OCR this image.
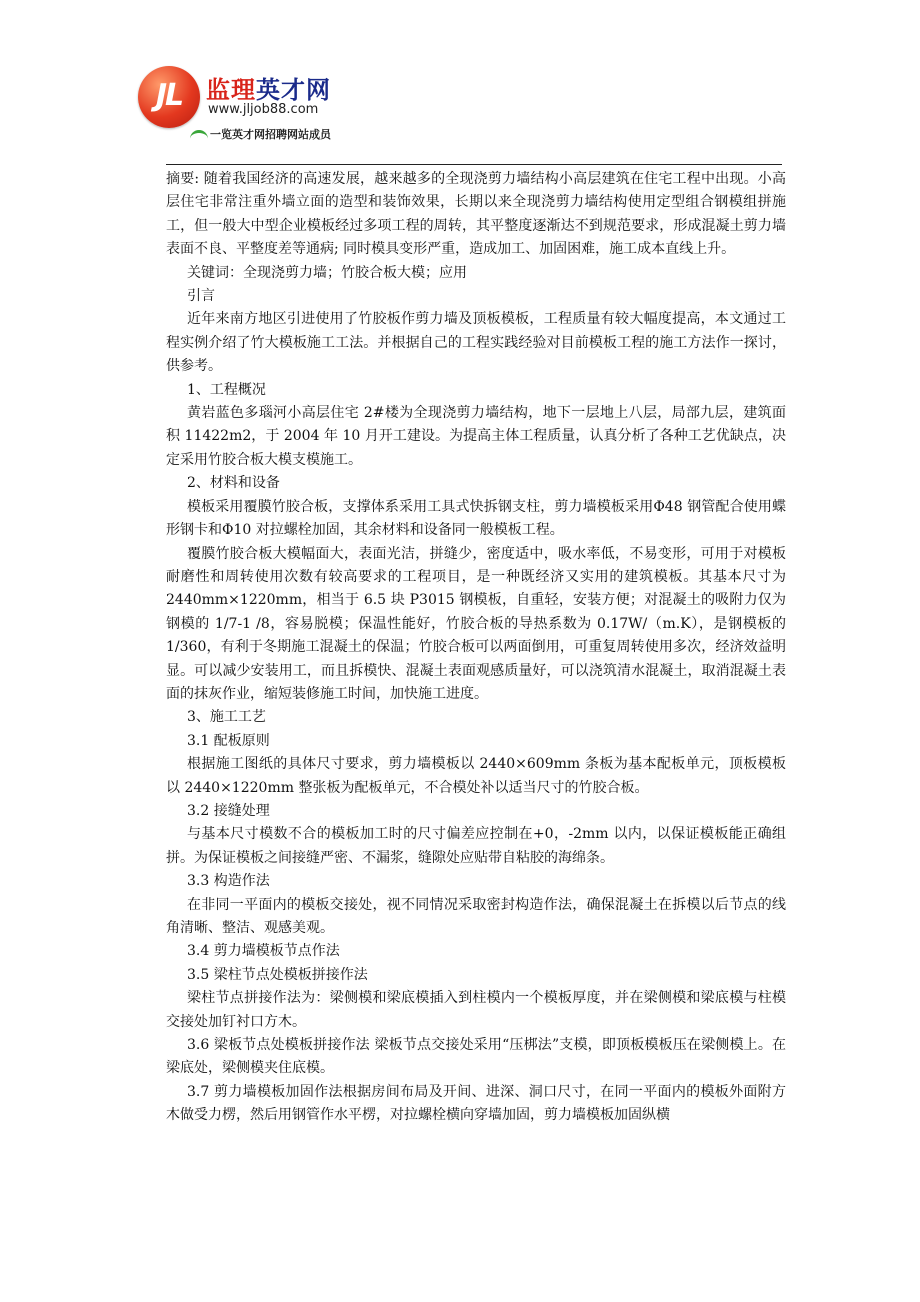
JL 监理英才网
www.jljob88.com
一览英才网招聘网站成员

摘要: 随着我国经济的高速发展，越来越多的全现浇剪力墙结构小高层建筑在住宅工程中出现。小高层住宅非常注重外墙立面的造型和装饰效果，长期以来全现浇剪力墙结构使用定型组合钢模组拼施工，但一般大中型企业模板经过多项工程的周转，其平整度逐渐达不到规范要求，形成混凝土剪力墙表面不良、平整度差等通病; 同时模具变形严重，造成加工、加固困难，施工成本直线上升。

关键词：全现浇剪力墙；竹胶合板大模；应用

引言

近年来南方地区引进使用了竹胶板作剪力墙及顶板模板，工程质量有较大幅度提高，本文通过工程实例介绍了竹大模板施工工法。并根据自己的工程实践经验对目前模板工程的施工方法作一探讨，供参考。

1、工程概况

黄岩蓝色多瑙河小高层住宅 2#楼为全现浇剪力墙结构，地下一层地上八层，局部九层，建筑面积 11422m2，于 2004 年 10 月开工建设。为提高主体工程质量，认真分析了各种工艺优缺点，决定采用竹胶合板大模支模施工。

2、材料和设备

模板采用覆膜竹胶合板，支撑体系采用工具式快拆钢支柱，剪力墙模板采用Φ48 钢管配合使用蝶形钢卡和Φ10 对拉螺栓加固，其余材料和设备同一般模板工程。

覆膜竹胶合板大模幅面大，表面光洁，拼缝少，密度适中，吸水率低，不易变形，可用于对模板耐磨性和周转使用次数有较高要求的工程项目，是一种既经济又实用的建筑模板。其基本尺寸为 2440mm×1220mm，相当于 6.5 块 P3015 钢模板，自重轻，安装方便；对混凝土的吸附力仅为钢模的 1/7-1 /8，容易脱模；保温性能好，竹胶合板的导热系数为 0.17W/（m.K），是钢模板的 1/360，有利于冬期施工混凝土的保温；竹胶合板可以两面倒用，可重复周转使用多次，经济效益明显。可以减少安装用工，而且拆模快、混凝土表面观感质量好，可以浇筑清水混凝土，取消混凝土表面的抹灰作业，缩短装修施工时间，加快施工进度。

3、施工工艺

3.1 配板原则

根据施工图纸的具体尺寸要求，剪力墙模板以 2440×609mm 条板为基本配板单元，顶板模板以 2440×1220mm 整张板为配板单元，不合模处补以适当尺寸的竹胶合板。

3.2 接缝处理

与基本尺寸模数不合的模板加工时的尺寸偏差应控制在+0，-2mm 以内，以保证模板能正确组拼。为保证模板之间接缝严密、不漏浆，缝隙处应贴带自粘胶的海绵条。

3.3 构造作法

在非同一平面内的模板交接处，视不同情况采取密封构造作法，确保混凝土在拆模以后节点的线角清晰、整洁、观感美观。

3.4 剪力墙模板节点作法

3.5 梁柱节点处模板拼接作法

梁柱节点拼接作法为：梁侧模和梁底模插入到柱模内一个模板厚度，并在梁侧模和梁底模与柱模交接处加钉衬口方木。

3.6 梁板节点处模板拼接作法 梁板节点交接处采用“压梆法”支模，即顶板模板压在梁侧模上。在梁底处，梁侧模夹住底模。

3.7 剪力墙模板加固作法根据房间布局及开间、进深、洞口尺寸，在同一平面内的模板外面附方木做受力楞，然后用钢管作水平楞，对拉螺栓横向穿墙加固，剪力墙模板加固纵横
